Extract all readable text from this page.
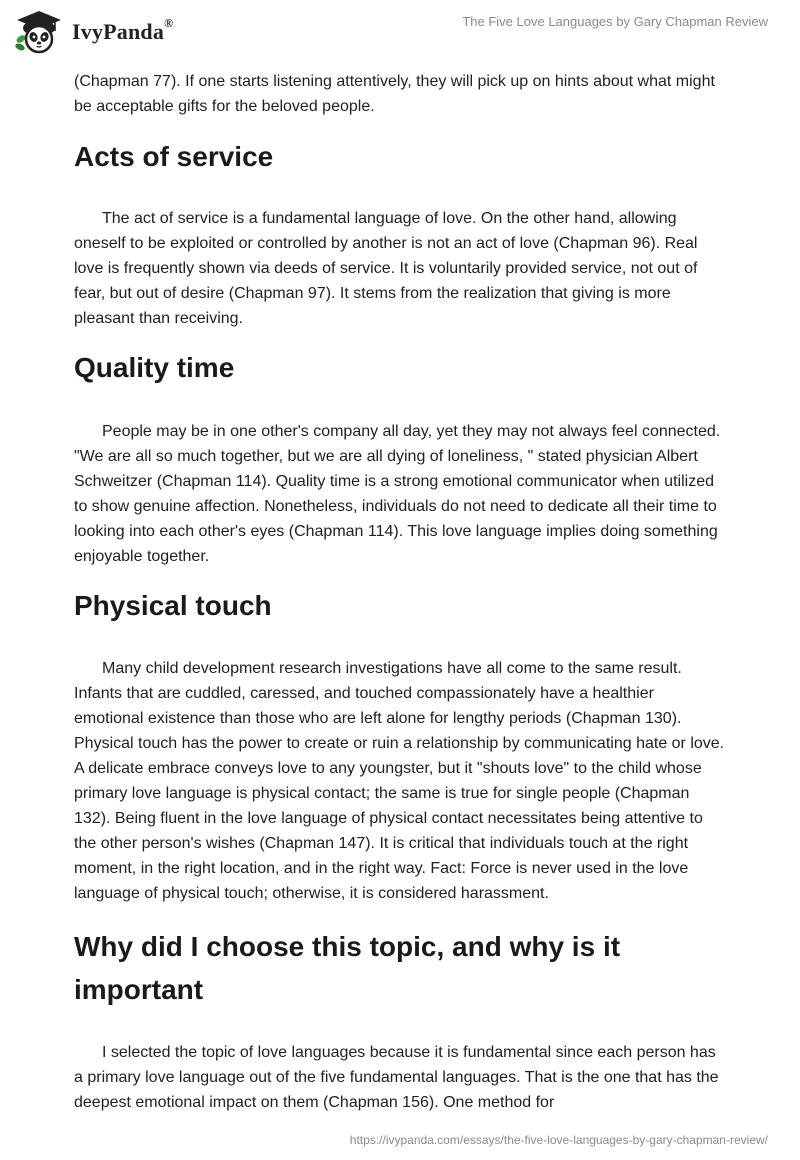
IvyPanda®	The Five Love Languages by Gary Chapman Review

(Chapman 77). If one starts listening attentively, they will pick up on hints about what might be acceptable gifts for the beloved people.

Acts of service

The act of service is a fundamental language of love. On the other hand, allowing oneself to be exploited or controlled by another is not an act of love (Chapman 96). Real love is frequently shown via deeds of service. It is voluntarily provided service, not out of fear, but out of desire (Chapman 97). It stems from the realization that giving is more pleasant than receiving.

Quality time

People may be in one other's company all day, yet they may not always feel connected. "We are all so much together, but we are all dying of loneliness, " stated physician Albert Schweitzer (Chapman 114). Quality time is a strong emotional communicator when utilized to show genuine affection. Nonetheless, individuals do not need to dedicate all their time to looking into each other's eyes (Chapman 114). This love language implies doing something enjoyable together.

Physical touch

Many child development research investigations have all come to the same result. Infants that are cuddled, caressed, and touched compassionately have a healthier emotional existence than those who are left alone for lengthy periods (Chapman 130). Physical touch has the power to create or ruin a relationship by communicating hate or love. A delicate embrace conveys love to any youngster, but it "shouts love" to the child whose primary love language is physical contact; the same is true for single people (Chapman 132). Being fluent in the love language of physical contact necessitates being attentive to the other person's wishes (Chapman 147). It is critical that individuals touch at the right moment, in the right location, and in the right way. Fact: Force is never used in the love language of physical touch; otherwise, it is considered harassment.

Why did I choose this topic, and why is it important

I selected the topic of love languages because it is fundamental since each person has a primary love language out of the five fundamental languages. That is the one that has the deepest emotional impact on them (Chapman 156). One method for

https://ivypanda.com/essays/the-five-love-languages-by-gary-chapman-review/
